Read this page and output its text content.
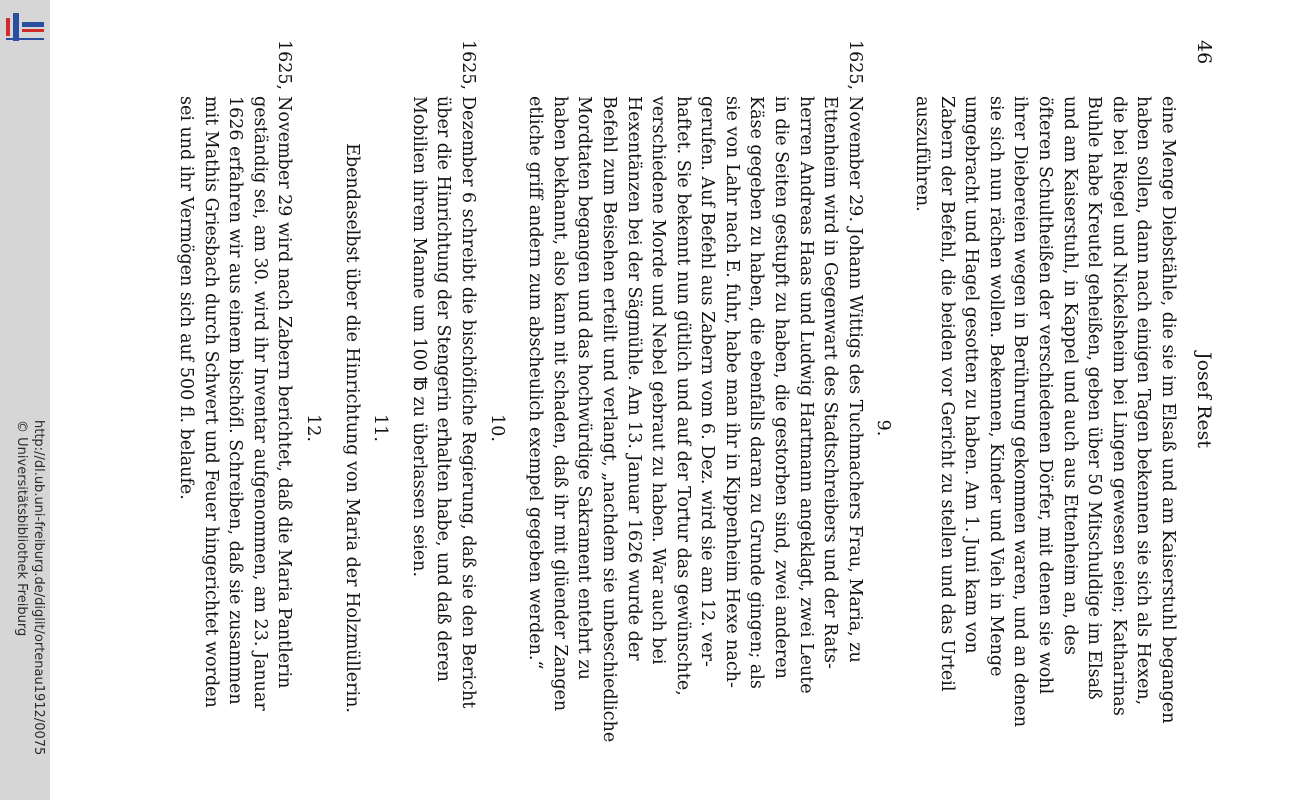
http://dl.ub.uni-freiburg.de/diglit/ortenau1912/0075
© Universitätsbibliothek Freiburg
46
Josef Rest
eine Menge Diebstähle, die sie im Elsaß und am Kaiserstuhl begangen
haben sollen, dann nach einigen Tagen bekennen sie sich als Hexen,
die bei Riegel und Nickelsheim bei Lingen gewesen seien; Katharinas
Buhle habe Kreutel geheißen, geben über 50 Mitschuldige im Elsaß
und am Kaiserstuhl, in Kappel und auch aus Ettenheim an, des
öfteren Schultheißen der verschiedenen Dörfer, mit denen sie wohl
ihrer Diebereien wegen in Berührung gekommen waren, und an denen
sie sich nun rächen wollen. Bekennen, Kinder und Vieh in Menge
umgebracht und Hagel gesotten zu haben. Am 1. Juni kam von
Zabern der Befehl, die beiden vor Gericht zu stellen und das Urteil
auszuführen.
9.
1625,
November 29. Johann Wittigs des Tuchmachers Frau, Maria, zu
Ettenheim wird in Gegenwart des Stadtschreibers und der Rats-
herren Andreas Haas und Ludwig Hartmann angeklagt, zwei Leute
in die Seiten gestupft zu haben, die gestorben sind, zwei anderen
Käse gegeben zu haben, die ebenfalls daran zu Grunde gingen; als
sie von Lahr nach E. fuhr, habe man ihr in Kippenheim Hexe nach-
gerufen. Auf Befehl aus Zabern vom 6. Dez. wird sie am 12. ver-
haftet. Sie bekennt nun gütlich und auf der Tortur das gewünschte,
verschiedene Morde und Nebel gebraut zu haben. War auch bei
Hexentänzen bei der Sägmühle. Am 13. Januar 1626 wurde der
Befehl zum Beisehen erteilt und verlangt, „nachdem sie unbeschiedliche
Mordtaten begangen und das hochwürdige Sakrament entehrt zu
haben bekhannt, also kann nit schaden, daß ihr mit glüender Zangen
etliche griff andern zum abscheulich exempel gegeben werden.“
10.
1625,
Dezember 6 schreibt die bischöfliche Regierung, daß sie den Bericht
über die Hinrichtung der Stengerin erhalten habe, und daß deren
Mobilien ihrem Manne um 100 ℔ zu überlassen seien.
11.
Ebendaselbst über die Hinrichtung von Maria der Holzmüllerin.
12.
1625,
November 29 wird nach Zabern berichtet, daß die Maria Pantlerin
geständig sei, am 30. wird ihr Inventar aufgenommen, am 23. Januar
1626 erfahren wir aus einem bischöfl. Schreiben, daß sie zusammen
mit Mathis Griesbach durch Schwert und Feuer hingerichtet worden
sei und ihr Vermögen sich auf 500 fl. belaufe.
